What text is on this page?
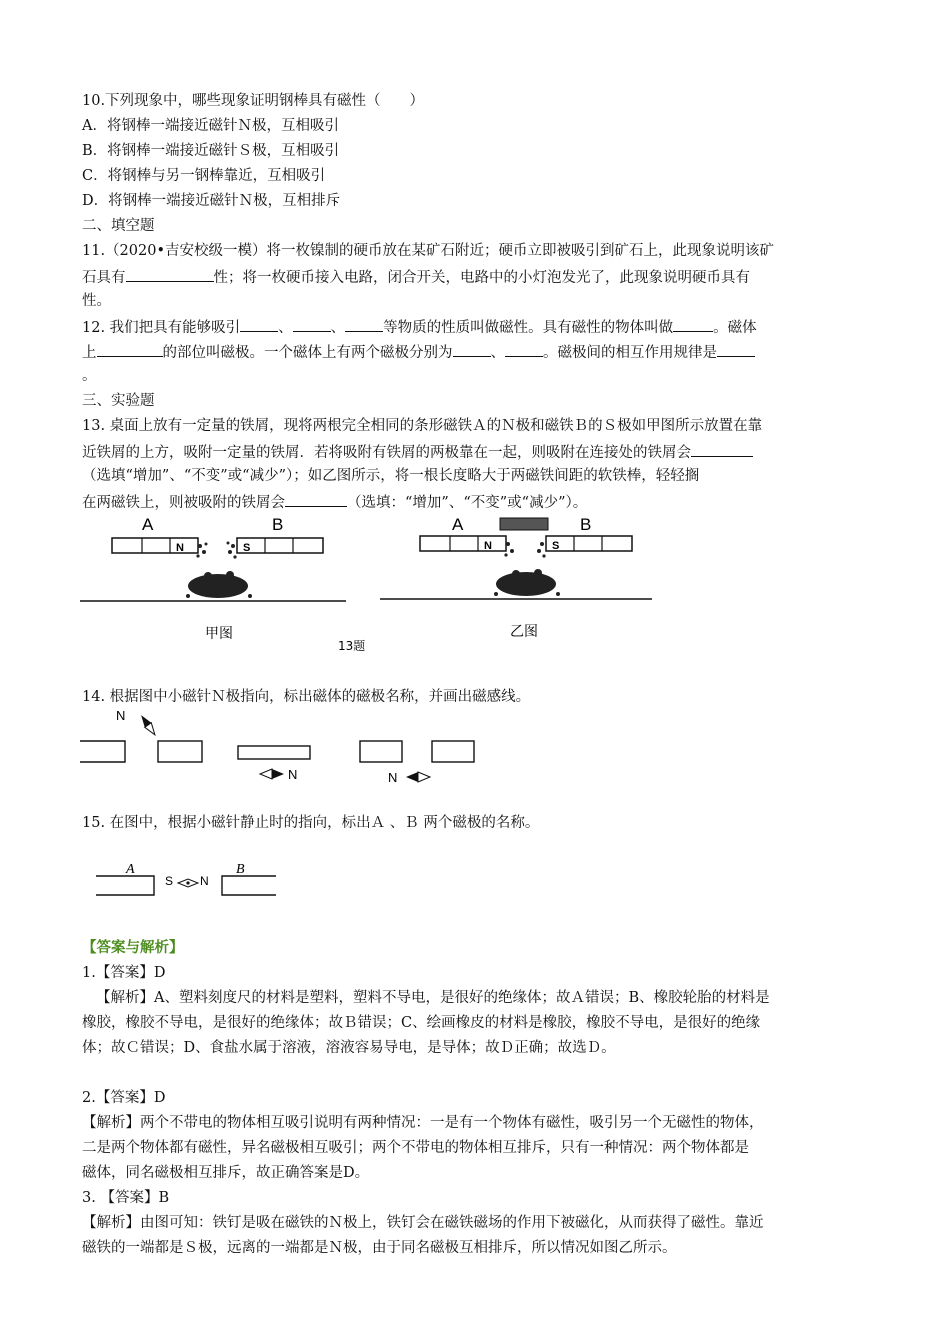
10.下列现象中，哪些现象证明钢棒具有磁性（　　）
A．将钢棒一端接近磁针Ｎ极，互相吸引
B．将钢棒一端接近磁针Ｓ极，互相吸引
C．将钢棒与另一钢棒靠近，互相吸引
D．将钢棒一端接近磁针Ｎ极，互相排斥
二、填空题
11.（2020•吉安校级一模）将一枚镍制的硬币放在某矿石附近；硬币立即被吸引到矿石上，此现象说明该矿
石具有	性；将一枚硬币接入电路，闭合开关，电路中的小灯泡发光了，此现象说明硬币具有
性。
12. 我们把具有能够吸引	、	、	等物质的性质叫做磁性。具有磁性的物体叫做	。磁体
上	的部位叫磁极。一个磁体上有两个磁极分别为	、	。磁极间的相互作用规律是
。
三、实验题
13. 桌面上放有一定量的铁屑，现将两根完全相同的条形磁铁Ａ的Ｎ极和磁铁Ｂ的Ｓ极如甲图所示放置在靠
近铁屑的上方，吸附一定量的铁屑．若将吸附有铁屑的两极靠在一起，则吸附在连接处的铁屑会
（选填“增加”、“不变”或“减少”）；如乙图所示，将一根长度略大于两磁铁间距的软铁棒，轻轻搁
在两磁铁上，则被吸附的铁屑会	（选填：“增加”、“不变”或“减少”）。
A	B
N	S
甲图
A	B
N	S
乙图
13题
14. 根据图中小磁针Ｎ极指向，标出磁体的磁极名称，并画出磁感线。
N
N	N
15. 在图中，根据小磁针静止时的指向，标出Ａ 、Ｂ 两个磁极的名称。
A
S N
B
【答案与解析】
1.【答案】D
【解析】A、塑料刻度尺的材料是塑料，塑料不导电，是很好的绝缘体；故Ａ错误；B、橡胶轮胎的材料是
橡胶，橡胶不导电，是很好的绝缘体；故Ｂ错误；C、绘画橡皮的材料是橡胶，橡胶不导电，是很好的绝缘
体；故Ｃ错误；D、食盐水属于溶液，溶液容易导电，是导体；故Ｄ正确；故选Ｄ。
2.【答案】D
【解析】两个不带电的物体相互吸引说明有两种情况：一是有一个物体有磁性，吸引另一个无磁性的物体，
二是两个物体都有磁性，异名磁极相互吸引；两个不带电的物体相互排斥，只有一种情况：两个物体都是
磁体，同名磁极相互排斥，故正确答案是D。
3. 【答案】B
【解析】由图可知：铁钉是吸在磁铁的Ｎ极上，铁钉会在磁铁磁场的作用下被磁化，从而获得了磁性。靠近
磁铁的一端都是Ｓ极，远离的一端都是Ｎ极，由于同名磁极互相排斥，所以情况如图乙所示。
